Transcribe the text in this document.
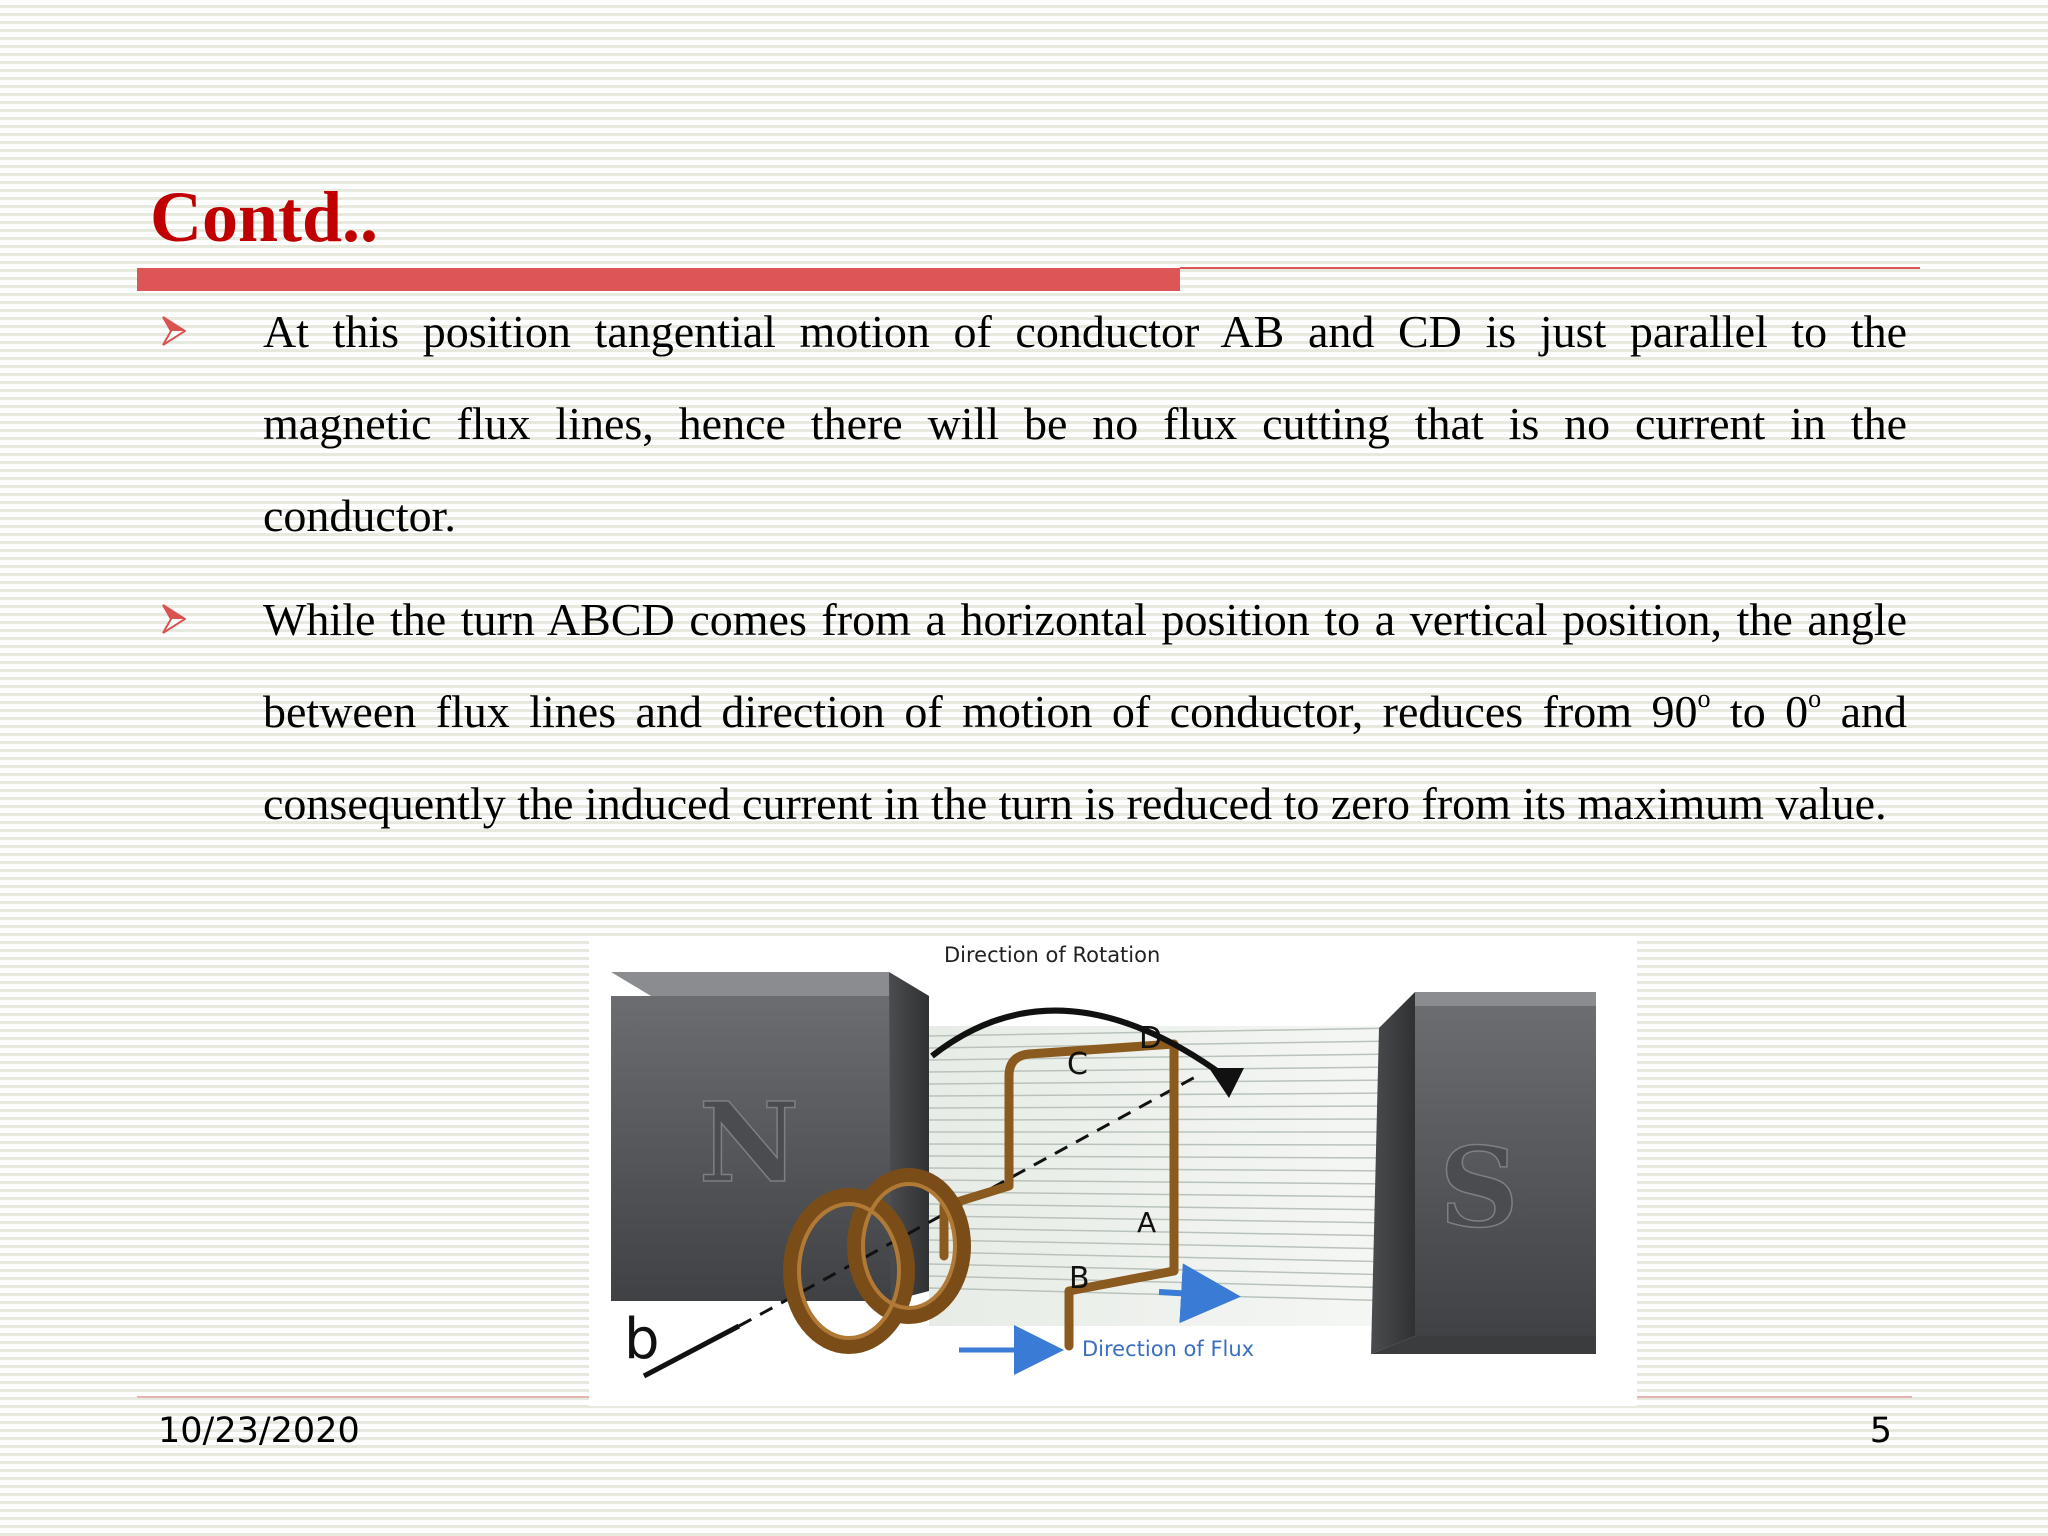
Contd..

At this position tangential motion of conductor AB and CD is just parallel to the magnetic flux lines, hence there will be no flux cutting that is no current in the conductor.

While the turn ABCD comes from a horizontal position to a vertical position, the angle between flux lines and direction of motion of conductor, reduces from 90$^o$ to 0$^o$ and consequently the induced current in the turn is reduced to zero from its maximum value.

N	S
Direction of Rotation
Direction of Flux
C
D
A
B
b
10/23/2020	5
